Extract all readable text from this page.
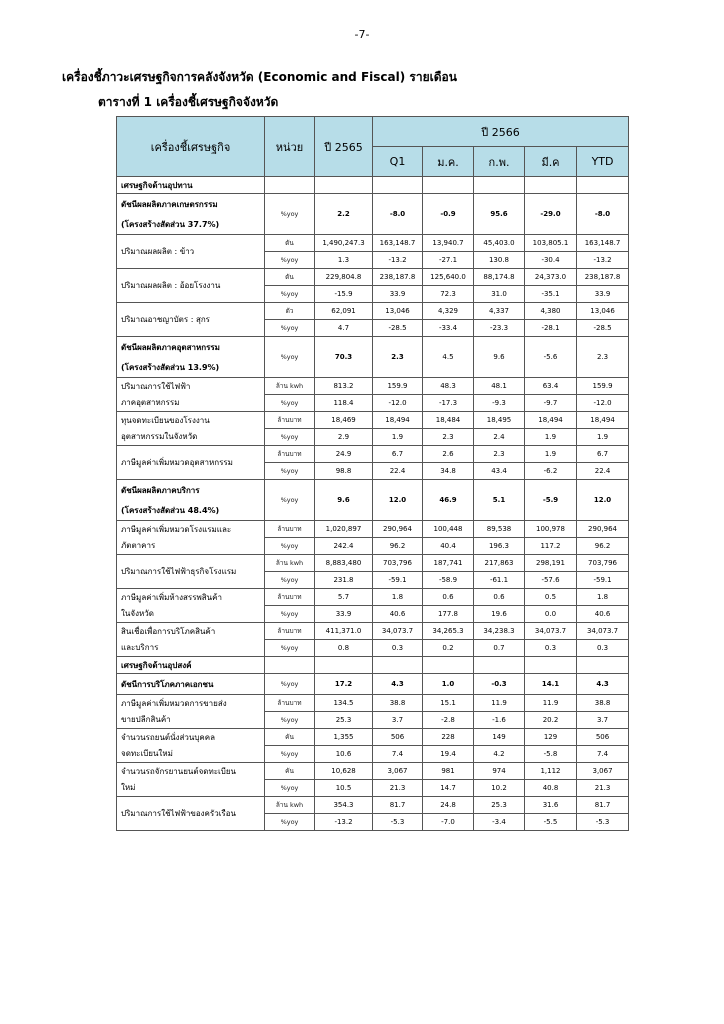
-7-
เครื่องชี้ภาวะเศรษฐกิจการคลังจังหวัด (Economic and Fiscal) รายเดือน
ตารางที่ 1 เครื่องชี้เศรษฐกิจจังหวัด
เครื่องชี้เศรษฐกิจ	หน่วย	ปี 2565	ปี 2566				
			Q1	ม.ค.	ก.พ.	มี.ค	YTD
เศรษฐกิจด้านอุปทาน							
ดัชนีผลผลิตภาคเกษตรกรรม	%yoy	2.2	-8.0	-0.9	95.6	-29.0	-8.0
(โครงสร้างสัดส่วน 37.7%)							
ปริมาณผลผลิต : ข้าว	ตัน	1,490,247.3	163,148.7	13,940.7	45,403.0	103,805.1	163,148.7
	%yoy	1.3	-13.2	-27.1	130.8	-30.4	-13.2
ปริมาณผลผลิต : อ้อยโรงงาน	ตัน	229,804.8	238,187.8	125,640.0	88,174.8	24,373.0	238,187.8
	%yoy	-15.9	33.9	72.3	31.0	-35.1	33.9
ปริมาณอาชญาบัตร : สุกร	ตัว	62,091	13,046	4,329	4,337	4,380	13,046
	%yoy	4.7	-28.5	-33.4	-23.3	-28.1	-28.5
ดัชนีผลผลิตภาคอุตสาหกรรม	%yoy	70.3	2.3	4.5	9.6	-5.6	2.3
(โครงสร้างสัดส่วน 13.9%)							
ปริมาณการใช้ไฟฟ้า	ล้าน kwh	813.2	159.9	48.3	48.1	63.4	159.9
ภาคอุตสาหกรรม	%yoy	118.4	-12.0	-17.3	-9.3	-9.7	-12.0
ทุนจดทะเบียนของโรงงาน	ล้านบาท	18,469	18,494	18,484	18,495	18,494	18,494
อุตสาหกรรมในจังหวัด	%yoy	2.9	1.9	2.3	2.4	1.9	1.9
ภาษีมูลค่าเพิ่มหมวดอุตสาหกรรม	ล้านบาท	24.9	6.7	2.6	2.3	1.9	6.7
	%yoy	98.8	22.4	34.8	43.4	-6.2	22.4
ดัชนีผลผลิตภาคบริการ	%yoy	9.6	12.0	46.9	5.1	-5.9	12.0
(โครงสร้างสัดส่วน 48.4%)							
ภาษีมูลค่าเพิ่มหมวดโรงแรมและ	ล้านบาท	1,020,897	290,964	100,448	89,538	100,978	290,964
ภัตตาคาร	%yoy	242.4	96.2	40.4	196.3	117.2	96.2
ปริมาณการใช้ไฟฟ้าธุรกิจโรงแรม	ล้าน kwh	8,883,480	703,796	187,741	217,863	298,191	703,796
	%yoy	231.8	-59.1	-58.9	-61.1	-57.6	-59.1
ภาษีมูลค่าเพิ่มห้างสรรพสินค้า	ล้านบาท	5.7	1.8	0.6	0.6	0.5	1.8
ในจังหวัด	%yoy	33.9	40.6	177.8	19.6	0.0	40.6
สินเชื่อเพื่อการบริโภคสินค้า	ล้านบาท	411,371.0	34,073.7	34,265.3	34,238.3	34,073.7	34,073.7
และบริการ	%yoy	0.8	0.3	0.2	0.7	0.3	0.3
เศรษฐกิจด้านอุปสงค์							
ดัชนีการบริโภคภาคเอกชน	%yoy	17.2	4.3	1.0	-0.3	14.1	4.3
ภาษีมูลค่าเพิ่มหมวดการขายส่ง	ล้านบาท	134.5	38.8	15.1	11.9	11.9	38.8
ขายปลีกสินค้า	%yoy	25.3	3.7	-2.8	-1.6	20.2	3.7
จำนวนรถยนต์นั่งส่วนบุคคล	คัน	1,355	506	228	149	129	506
จดทะเบียนใหม่	%yoy	10.6	7.4	19.4	4.2	-5.8	7.4
จำนวนรถจักรยานยนต์จดทะเบียน	คัน	10,628	3,067	981	974	1,112	3,067
ใหม่	%yoy	10.5	21.3	14.7	10.2	40.8	21.3
ปริมาณการใช้ไฟฟ้าของครัวเรือน	ล้าน kwh	354.3	81.7	24.8	25.3	31.6	81.7
	%yoy	-13.2	-5.3	-7.0	-3.4	-5.5	-5.3
